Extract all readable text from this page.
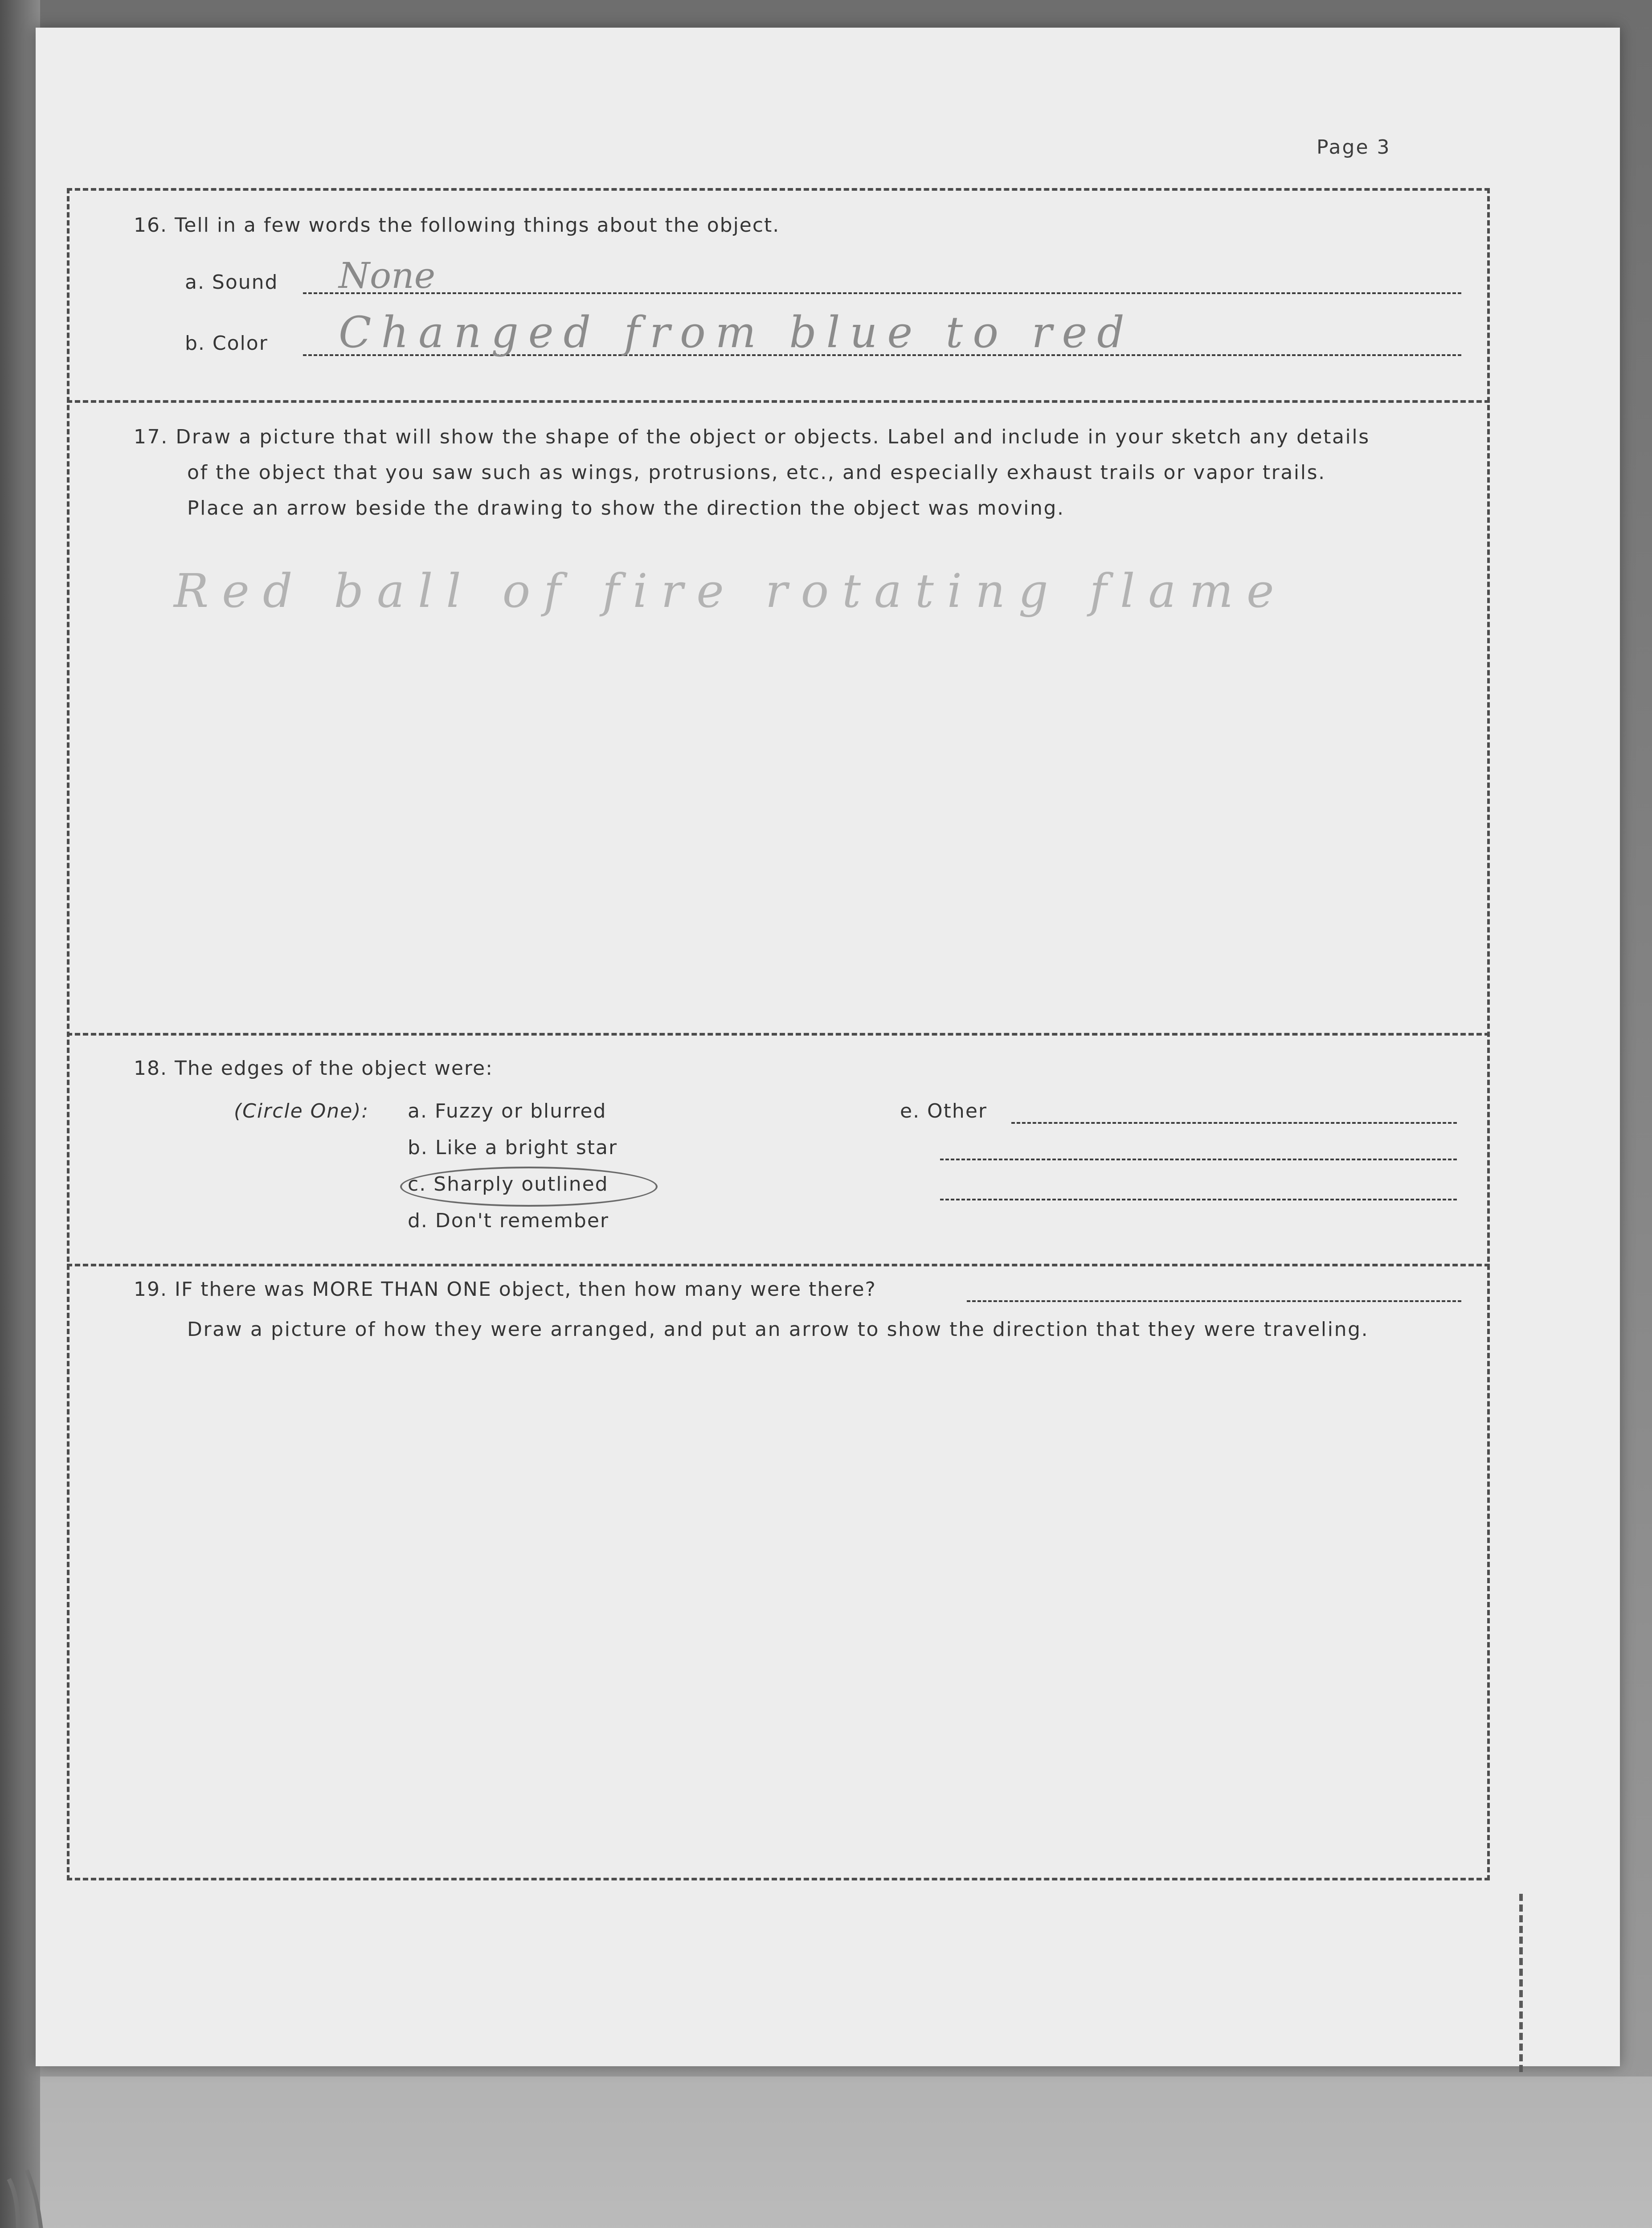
Page 3
16. Tell in a few words the following things about the object.
a. Sound None
b. Color Changed from blue to red
17. Draw a picture that will show the shape of the object or objects. Label and include in your sketch any details
of the object that you saw such as wings, protrusions, etc., and especially exhaust trails or vapor trails.
Place an arrow beside the drawing to show the direction the object was moving.
Red ball of fire rotating flame
18. The edges of the object were:
(Circle One): a. Fuzzy or blurred
b. Like a bright star
c. Sharply outlined
d. Don't remember
e. Other
19. IF there was MORE THAN ONE object, then how many were there?
Draw a picture of how they were arranged, and put an arrow to show the direction that they were traveling.
